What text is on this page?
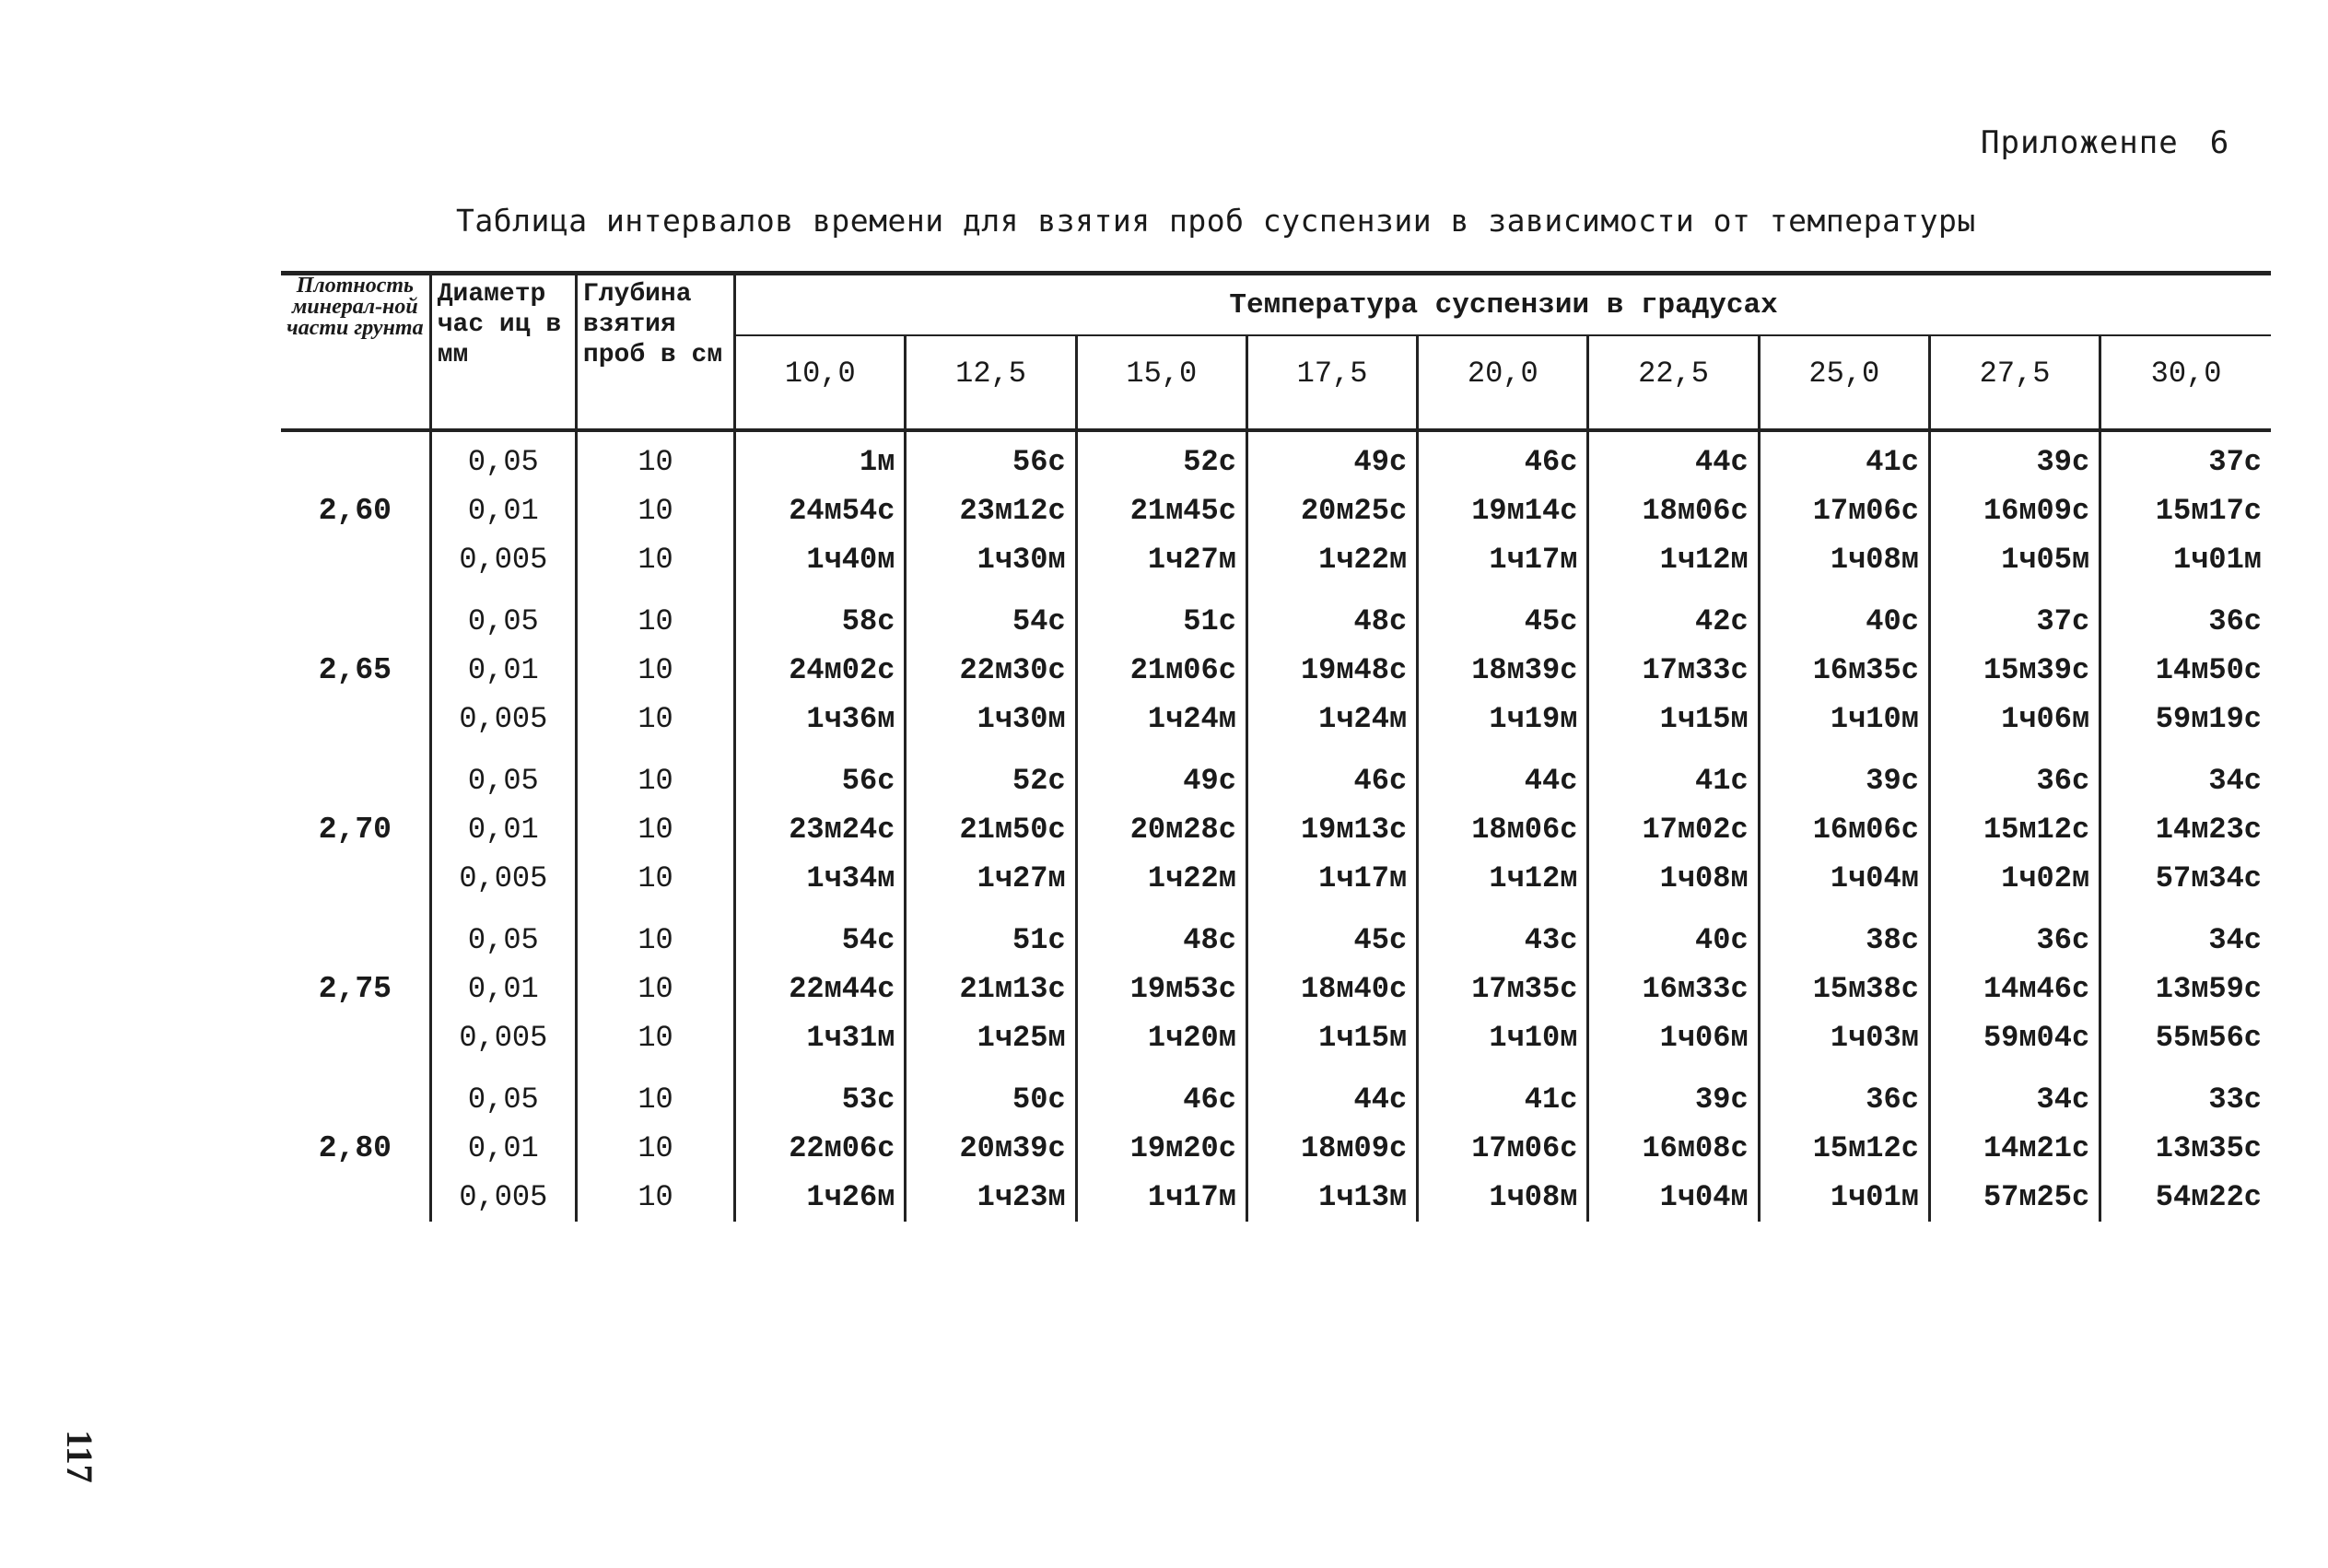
Приложенпе 6
Таблица интервалов времени для взятия проб суспензии в зависимости от температуры
Плотность минерал-ной части грунта	Диаметр час иц в мм	Глубина взятия проб в см	Температура суспензии в градусах								
			10,0	12,5	15,0	17,5	20,0	22,5	25,0	27,5	30,0
	0,05	10	1м	56с	52с	49с	46с	44с	41с	39с	37с
2,60	0,01	10	24м54с	23м12с	21м45с	20м25с	19м14с	18м06с	17м06с	16м09с	15м17с
	0,005	10	1ч40м	1ч30м	1ч27м	1ч22м	1ч17м	1ч12м	1ч08м	1ч05м	1ч01м

	0,05	10	58с	54с	51с	48с	45с	42с	40с	37с	36с
2,65	0,01	10	24м02с	22м30с	21м06с	19м48с	18м39с	17м33с	16м35с	15м39с	14м50с
	0,005	10	1ч36м	1ч30м	1ч24м	1ч24м	1ч19м	1ч15м	1ч10м	1ч06м	59м19с

	0,05	10	56с	52с	49с	46с	44с	41с	39с	36с	34с
2,70	0,01	10	23м24с	21м50с	20м28с	19м13с	18м06с	17м02с	16м06с	15м12с	14м23с
	0,005	10	1ч34м	1ч27м	1ч22м	1ч17м	1ч12м	1ч08м	1ч04м	1ч02м	57м34с

	0,05	10	54с	51с	48с	45с	43с	40с	38с	36с	34с
2,75	0,01	10	22м44с	21м13с	19м53с	18м40с	17м35с	16м33с	15м38с	14м46с	13м59с
	0,005	10	1ч31м	1ч25м	1ч20м	1ч15м	1ч10м	1ч06м	1ч03м	59м04с	55м56с

	0,05	10	53с	50с	46с	44с	41с	39с	36с	34с	33с
2,80	0,01	10	22м06с	20м39с	19м20с	18м09с	17м06с	16м08с	15м12с	14м21с	13м35с
	0,005	10	1ч26м	1ч23м	1ч17м	1ч13м	1ч08м	1ч04м	1ч01м	57м25с	54м22с
117
